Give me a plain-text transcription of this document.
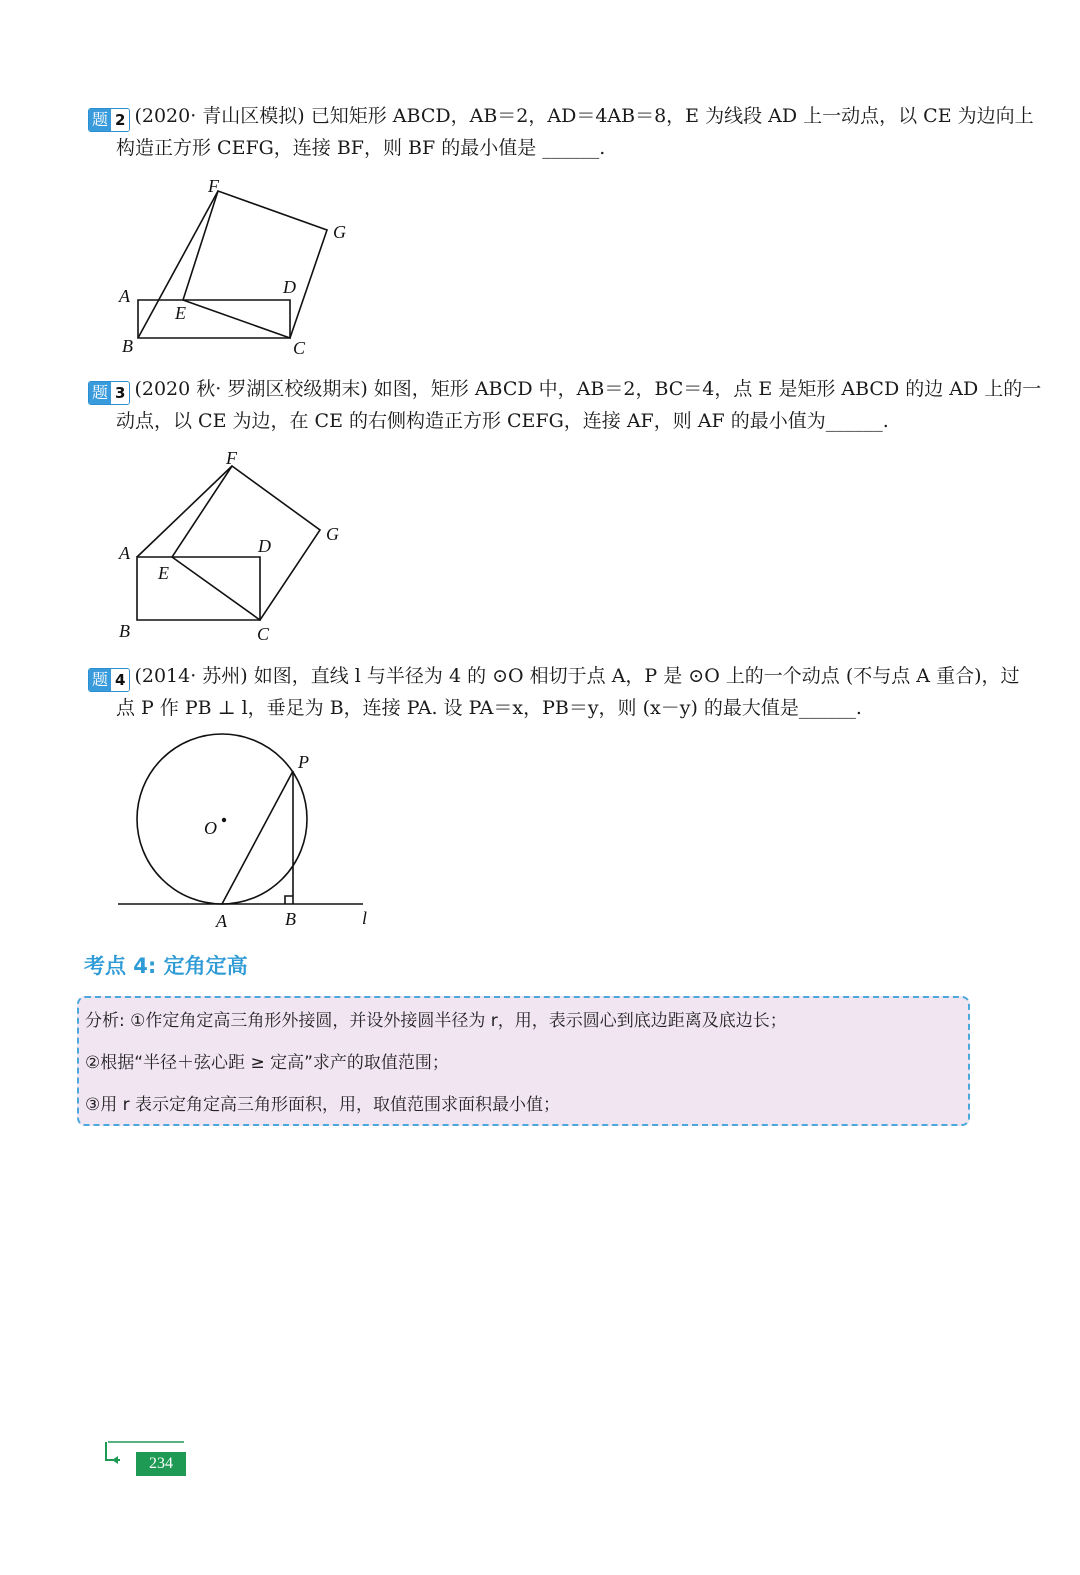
题 2 (2020· 青山区模拟) 已知矩形 ABCD，AB＝2，AD＝4AB＝8，E 为线段 AD 上一动点，以 CE 为边向上
构造正方形 CEFG，连接 BF，则 BF 的最小值是 ______.
F
G
A	D
E
B	C
题 3 (2020 秋· 罗湖区校级期末) 如图，矩形 ABCD 中，AB＝2，BC＝4，点 E 是矩形 ABCD 的边 AD 上的一
动点，以 CE 为边，在 CE 的右侧构造正方形 CEFG，连接 AF，则 AF 的最小值为______.
F
G
A	D
E
B	C
题 4 (2014· 苏州) 如图，直线 l 与半径为 4 的 ⊙O 相切于点 A，P 是 ⊙O 上的一个动点 (不与点 A 重合)，过
点 P 作 PB ⊥ l，垂足为 B，连接 PA. 设 PA＝x，PB＝y，则 (x－y) 的最大值是______.
P
O
A	B	l
考点 4: 定角定高
分析: ①作定角定高三角形外接圆，并设外接圆半径为 r，用，表示圆心到底边距离及底边长；
②根据“半径＋弦心距 ≥ 定高”求产的取值范围；
③用 r 表示定角定高三角形面积，用，取值范围求面积最小值；
234
